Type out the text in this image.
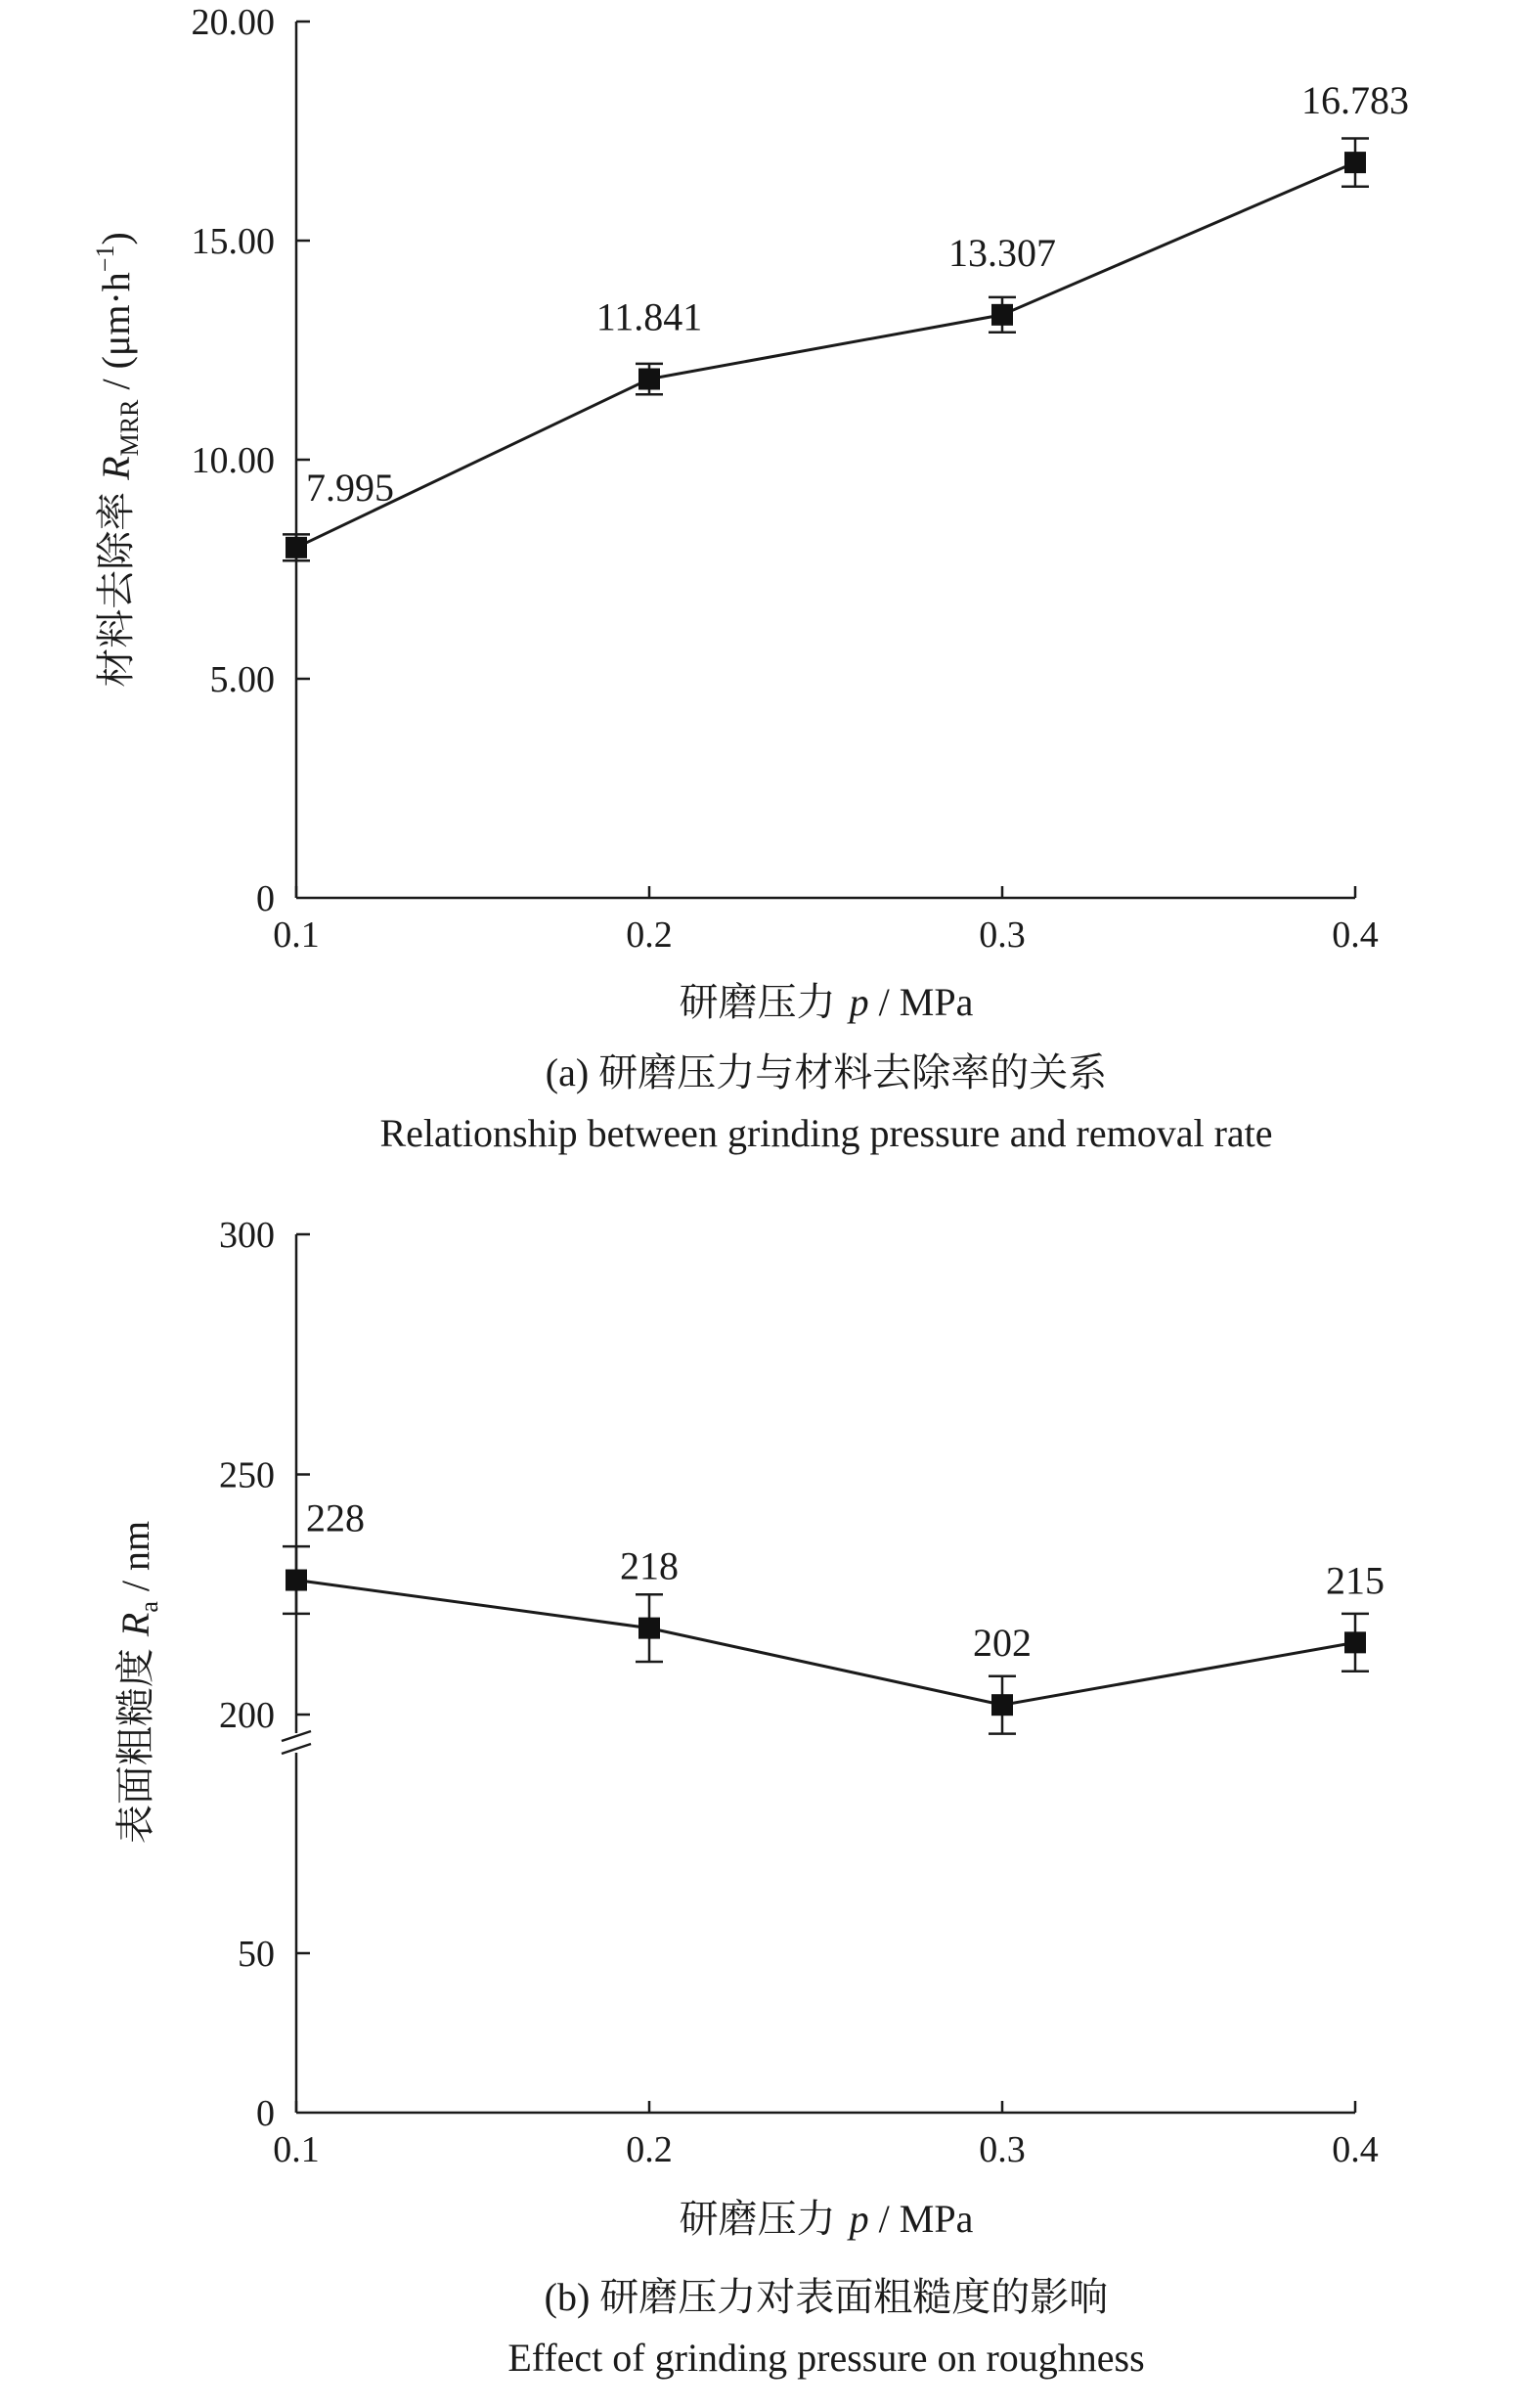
0
5.00
10.00
15.00
20.00
0.1	0.2	0.3	0.4
7.995
11.841
13.307
16.783
研磨压力 p / MPa
材料去除率$R_{MRR} / (\mu m\cdot h^{-1})$
(a) 研磨压力与材料去除率的关系
Relationship between grinding pressure and removal rate
0
50
200
250
300
0.1	0.2	0.3	0.4
228
218
202
215
研磨压力 p / MPa
表面粗糙度$R_a$ / nm
(b) 研磨压力对表面粗糙度的影响
Effect of grinding pressure on roughness
